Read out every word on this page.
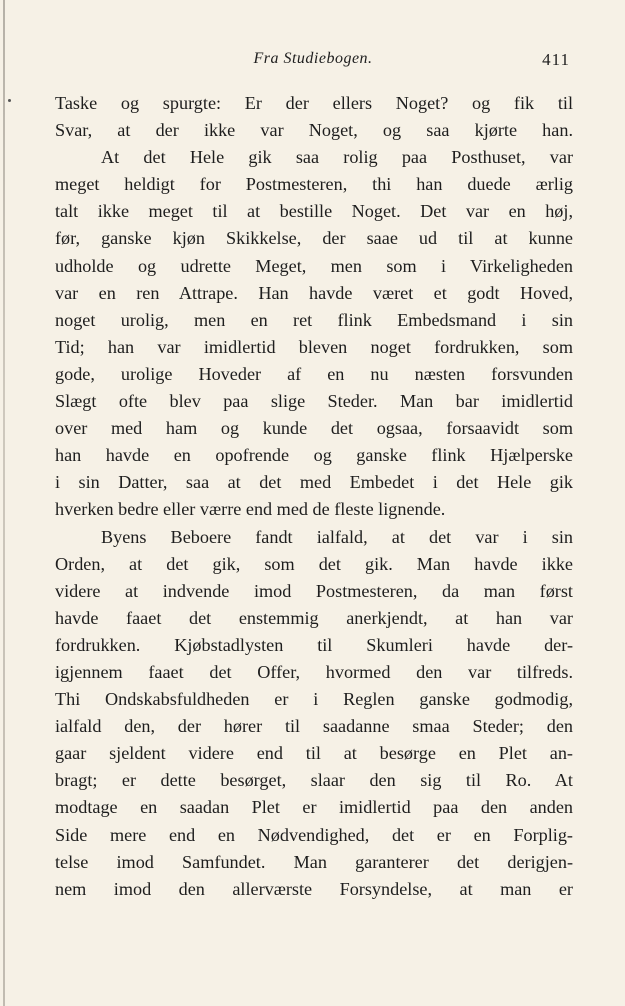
Fra Studiebogen.	411
Taske og spurgte: Er der ellers Noget? og fik til
Svar, at der ikke var Noget, og saa kjørte han.
At det Hele gik saa rolig paa Posthuset, var
meget heldigt for Postmesteren, thi han duede ærlig
talt ikke meget til at bestille Noget. Det var en høj,
før, ganske kjøn Skikkelse, der saae ud til at kunne
udholde og udrette Meget, men som i Virkeligheden
var en ren Attrape. Han havde været et godt Hoved,
noget urolig, men en ret flink Embedsmand i sin
Tid; han var imidlertid bleven noget fordrukken, som
gode, urolige Hoveder af en nu næsten forsvunden
Slægt ofte blev paa slige Steder. Man bar imidlertid
over med ham og kunde det ogsaa, forsaavidt som
han havde en opofrende og ganske flink Hjælperske
i sin Datter, saa at det med Embedet i det Hele gik
hverken bedre eller værre end med de fleste lignende.
Byens Beboere fandt ialfald, at det var i sin
Orden, at det gik, som det gik. Man havde ikke
videre at indvende imod Postmesteren, da man først
havde faaet det enstemmig anerkjendt, at han var
fordrukken. Kjøbstadlysten til Skumleri havde der-
igjennem faaet det Offer, hvormed den var tilfreds.
Thi Ondskabsfuldheden er i Reglen ganske godmodig,
ialfald den, der hører til saadanne smaa Steder; den
gaar sjeldent videre end til at besørge en Plet an-
bragt; er dette besørget, slaar den sig til Ro. At
modtage en saadan Plet er imidlertid paa den anden
Side mere end en Nødvendighed, det er en Forplig-
telse imod Samfundet. Man garanterer det derigjen-
nem imod den allerværste Forsyndelse, at man er
